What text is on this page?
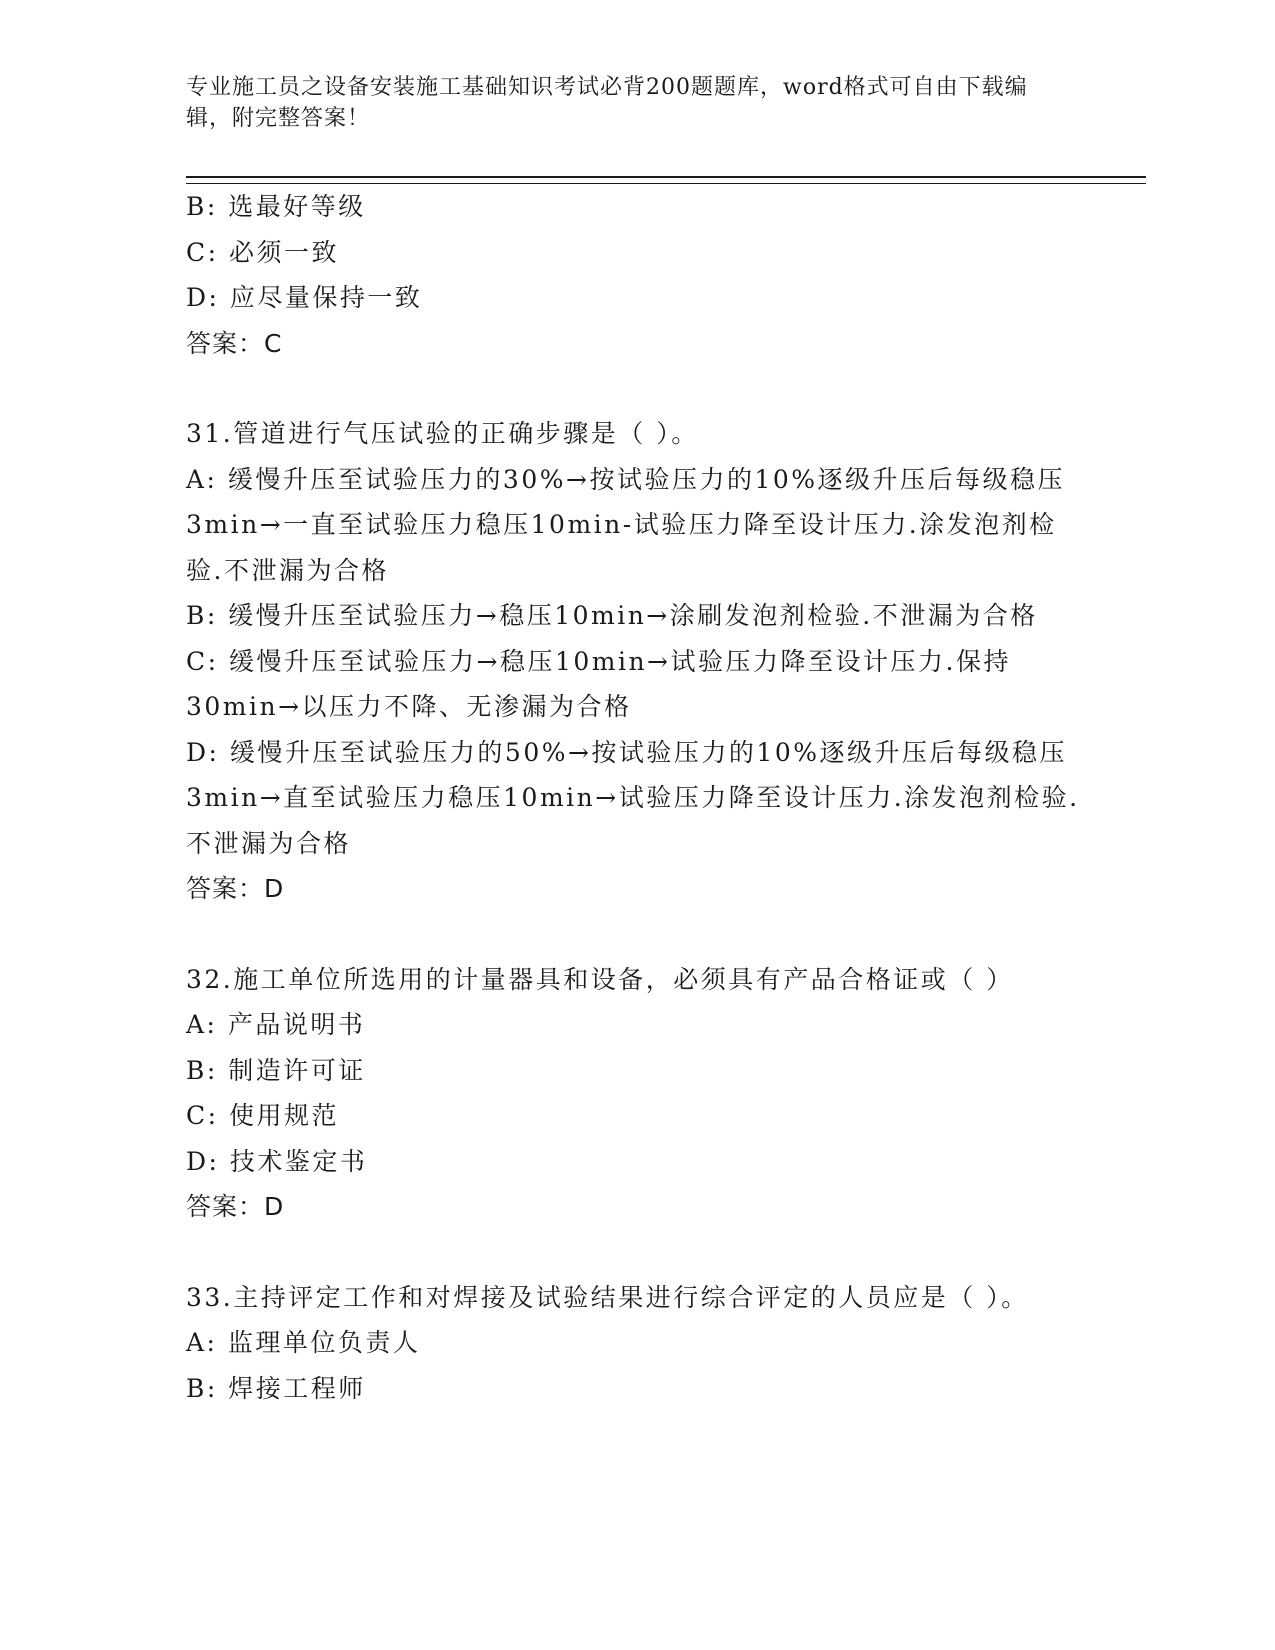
专业施工员之设备安装施工基础知识考试必背200题题库，word格式可自由下载编辑，附完整答案！
B: 选最好等级
C: 必须一致
D: 应尽量保持一致
答案：C
31.管道进行气压试验的正确步骤是（ ）。
A: 缓慢升压至试验压力的30%→按试验压力的10%逐级升压后每级稳压3min→一直至试验压力稳压10min-试验压力降至设计压力.涂发泡剂检验.不泄漏为合格
B: 缓慢升压至试验压力→稳压10min→涂刷发泡剂检验.不泄漏为合格
C: 缓慢升压至试验压力→稳压10min→试验压力降至设计压力.保持30min→以压力不降、无渗漏为合格
D: 缓慢升压至试验压力的50%→按试验压力的10%逐级升压后每级稳压3min→直至试验压力稳压10min→试验压力降至设计压力.涂发泡剂检验.不泄漏为合格
答案：D
32.施工单位所选用的计量器具和设备，必须具有产品合格证或（ ）
A: 产品说明书
B: 制造许可证
C: 使用规范
D: 技术鉴定书
答案：D
33.主持评定工作和对焊接及试验结果进行综合评定的人员应是（ ）。
A: 监理单位负责人
B: 焊接工程师
